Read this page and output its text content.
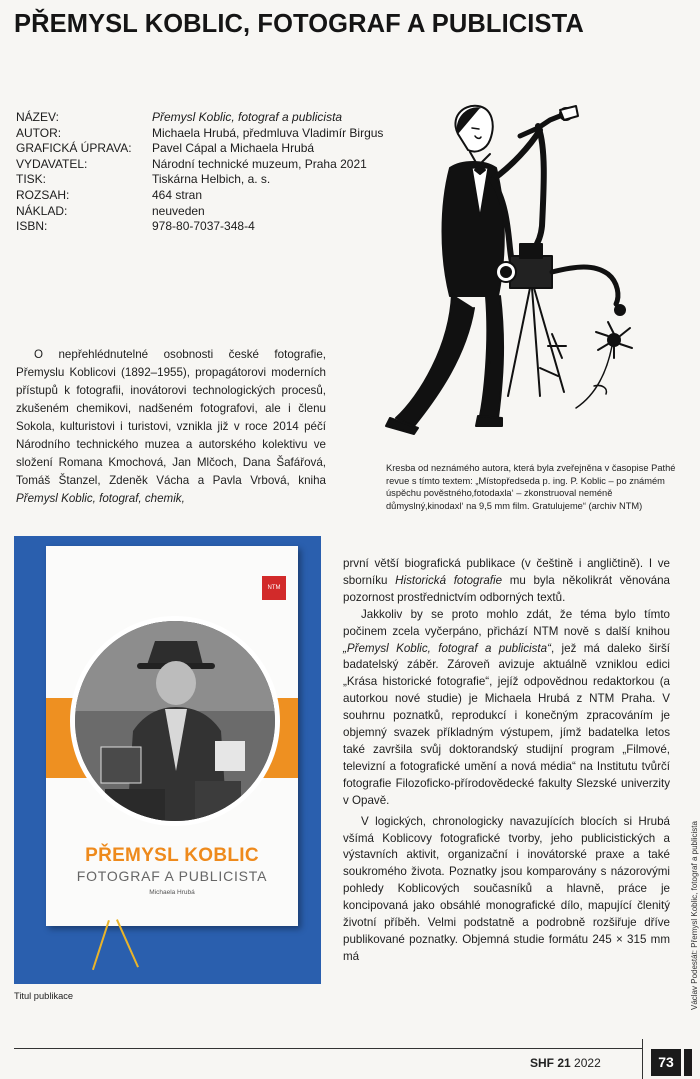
PŘEMYSL KOBLIC, FOTOGRAF A PUBLICISTA
NÁZEV:	Přemysl Koblic, fotograf a publicista
AUTOR:	Michaela Hrubá, předmluva Vladimír Birgus
GRAFICKÁ ÚPRAVA:	Pavel Cápal a Michaela Hrubá
VYDAVATEL:	Národní technické muzeum, Praha 2021
TISK:	Tiskárna Helbich, a. s.
ROZSAH:	464 stran
NÁKLAD:	neuveden
ISBN:	978-80-7037-348-4
Kresba od neznámého autora, která byla zveřejněna v časopise Pathé revue s tímto textem: „Místopředseda p. ing. P. Koblic – po známém úspěchu pověstného‚fotodaxla‘ – zkonstruoval neméně důmyslný‚kinodaxl‘ na 9,5 mm film. Gratulujeme“ (archiv NTM)

O nepřehlédnutelné osobnosti české fotografie, Přemyslu Koblicovi (1892–1955), propagátorovi moderních přístupů k fotografii, inovátorovi technologických procesů, zkušeném chemikovi, nadšeném fotografovi, ale i členu Sokola, kulturistovi i turistovi, vznikla již v roce 2014 péčí Národního technického muzea a autorského kolektivu ve složení Romana Kmochová, Jan Mlčoch, Dana Šafářová, Tomáš Štanzel, Zdeněk Vácha a Pavla Vrbová, kniha Přemysl Koblic, fotograf, chemik,

NTM
PŘEMYSL KOBLIC
FOTOGRAF A PUBLICISTA
Michaela Hrubá
Titul publikace

první větší biografická publikace (v češtině i angličtině). I ve sborníku Historická fotografie mu byla několikrát věnována pozornost prostřednictvím odborných textů.

Jakkoliv by se proto mohlo zdát, že téma bylo tímto počinem zcela vyčerpáno, přichází NTM nově s další knihou „Přemysl Koblic, fotograf a publicista“, jež má daleko širší badatelský záběr. Zároveň avizuje aktuálně vzniklou edici „Krása historické fotografie“, jejíž odpovědnou redaktorkou (a autorkou nové studie) je Michaela Hrubá z NTM Praha. V souhrnu poznatků, reprodukcí i konečným zpracováním je objemný svazek příkladným výstupem, jímž badatelka letos také završila svůj doktorandský studijní program „Filmové, televizní a fotografické umění a nová média“ na Institutu tvůrčí fotografie Filozoficko-přírodovědecké fakulty Slezské univerzity v Opavě.

V logických, chronologicky navazujících blocích si Hrubá všímá Koblicovy fotografické tvorby, jeho publicistických a výstavních aktivit, organizační i inovátorské praxe a také soukromého života. Poznatky jsou komparovány s názorovými pohledy Koblicových současníků a hlavně, práce je koncipovaná jako obsáhlé monografické dílo, mapující členitý životní příběh. Velmi podstatně a podrobně rozšiřuje dříve publikované poznatky. Objemná studie formátu 245 × 315 mm má	Václav Podestát: Přemysl Koblic, fotograf a publicista
SHF 21 2022	73
